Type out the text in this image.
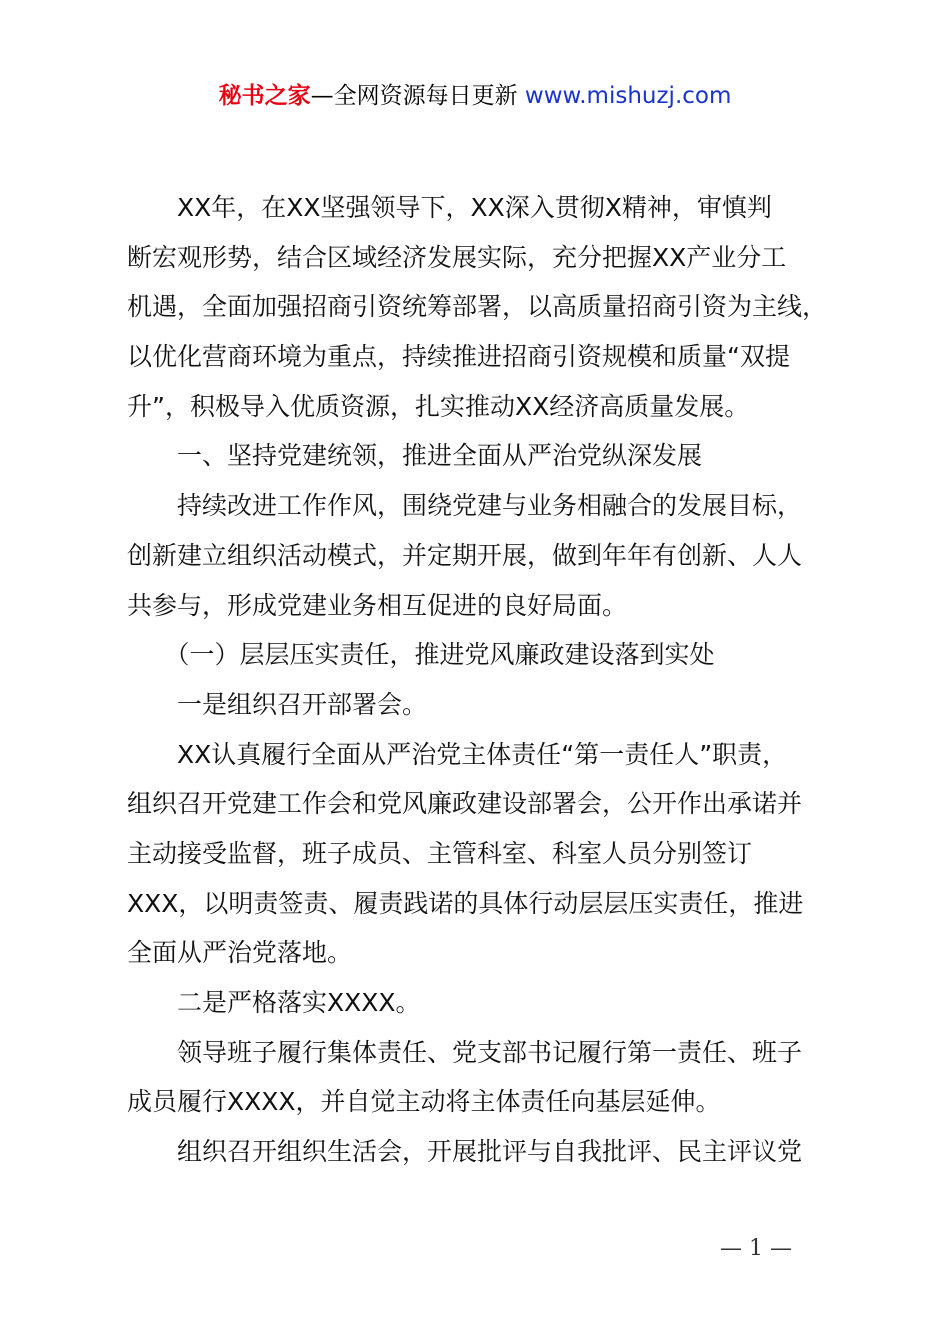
秘书之家—全网资源每日更新 www.mishuzj.com
　　XX年，在XX坚强领导下，XX深入贯彻X精神，审慎判
断宏观形势，结合区域经济发展实际，充分把握XX产业分工
机遇，全面加强招商引资统筹部署，以高质量招商引资为主线，
以优化营商环境为重点，持续推进招商引资规模和质量“双提
升”，积极导入优质资源，扎实推动XX经济高质量发展。
　　一、坚持党建统领，推进全面从严治党纵深发展
　　持续改进工作作风，围绕党建与业务相融合的发展目标，
创新建立组织活动模式，并定期开展，做到年年有创新、人人
共参与，形成党建业务相互促进的良好局面。
　　（一）层层压实责任，推进党风廉政建设落到实处
　　一是组织召开部署会。
　　XX认真履行全面从严治党主体责任“第一责任人”职责，
组织召开党建工作会和党风廉政建设部署会，公开作出承诺并
主动接受监督，班子成员、主管科室、科室人员分别签订
XXX，以明责签责、履责践诺的具体行动层层压实责任，推进
全面从严治党落地。
　　二是严格落实XXXX。
　　领导班子履行集体责任、党支部书记履行第一责任、班子
成员履行XXXX，并自觉主动将主体责任向基层延伸。
　　组织召开组织生活会，开展批评与自我批评、民主评议党
— 1 —
